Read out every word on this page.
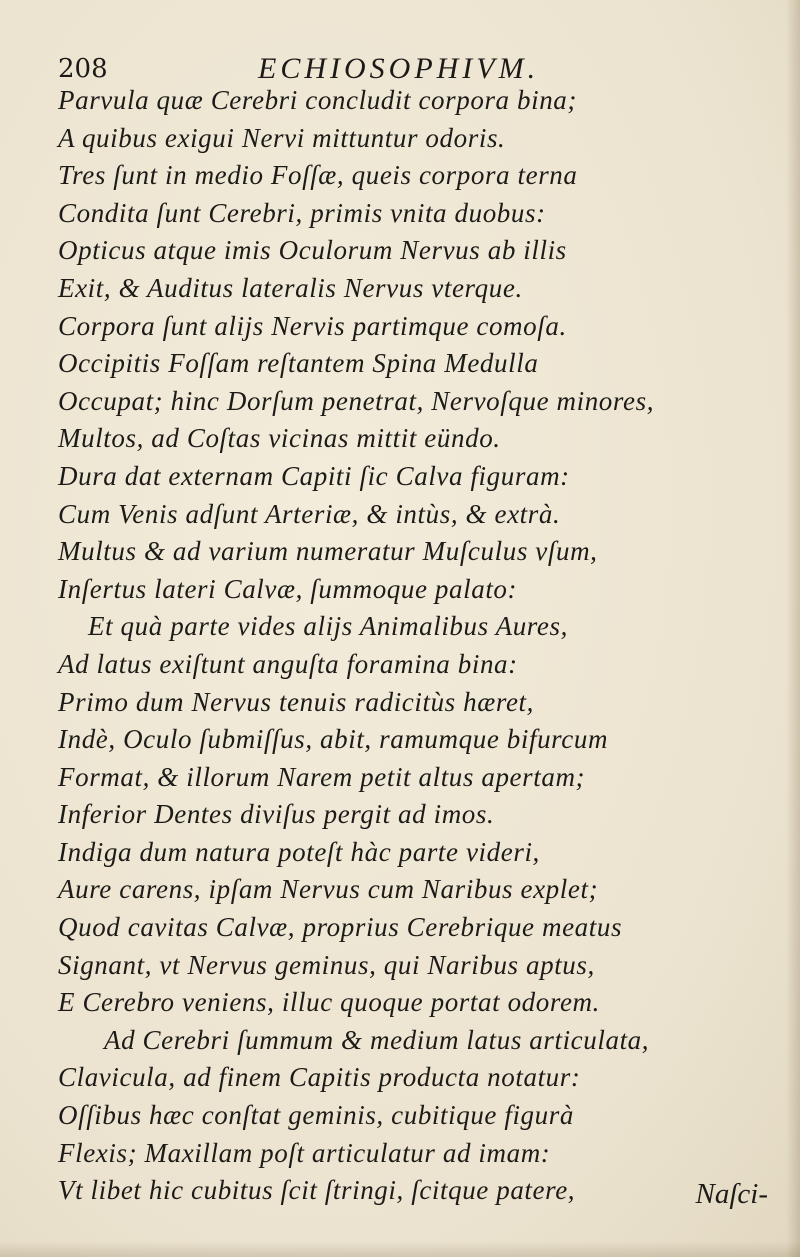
208	ECHIOSOPHIVM.
Parvula quæ Cerebri concludit corpora bina;
A quibus exigui Nervi mittuntur odoris.
Tres ſunt in medio Foſſæ, queis corpora terna
Condita ſunt Cerebri, primis vnita duobus:
Opticus atque imis Oculorum Nervus ab illis
Exit, & Auditus lateralis Nervus vterque.
Corpora ſunt aliјs Nervis partimque comoſa.
Occipitis Foſſam reſtantem Spina Medulla
Occupat; hinc Dorſum penetrat, Nervoſque minores,
Multos, ad Coſtas vicinas mittit eündo.
Dura dat externam Capiti ſic Calva figuram:
Cum Venis adſunt Arteriæ, & intùs, & extrà.
Multus & ad varium numeratur Muſculus vſum,
Inſertus lateri Calvæ, ſummoque palato:
Et quà parte vides aliјs Animalibus Aures,
Ad latus exiſtunt anguſta foramina bina:
Primo dum Nervus tenuis radicitùs hæret,
Indè, Oculo ſubmiſſus, abit, ramumque bifurcum
Format, & illorum Narem petit altus apertam;
Inferior Dentes diviſus pergit ad imos.
Indiga dum natura poteſt hàc parte videri,
Aure carens, ipſam Nervus cum Naribus explet;
Quod cavitas Calvæ, proprius Cerebrique meatus
Signant, vt Nervus geminus, qui Naribus aptus,
E Cerebro veniens, illuc quoque portat odorem.
Ad Cerebri ſummum & medium latus articulata,
Clavicula, ad finem Capitis producta notatur:
Oſſibus hæc conſtat geminis, cubitique figurà
Flexis; Maxillam poſt articulatur ad imam:
Vt libet hic cubitus ſcit ſtringi, ſcitque patere,	Naſci-
